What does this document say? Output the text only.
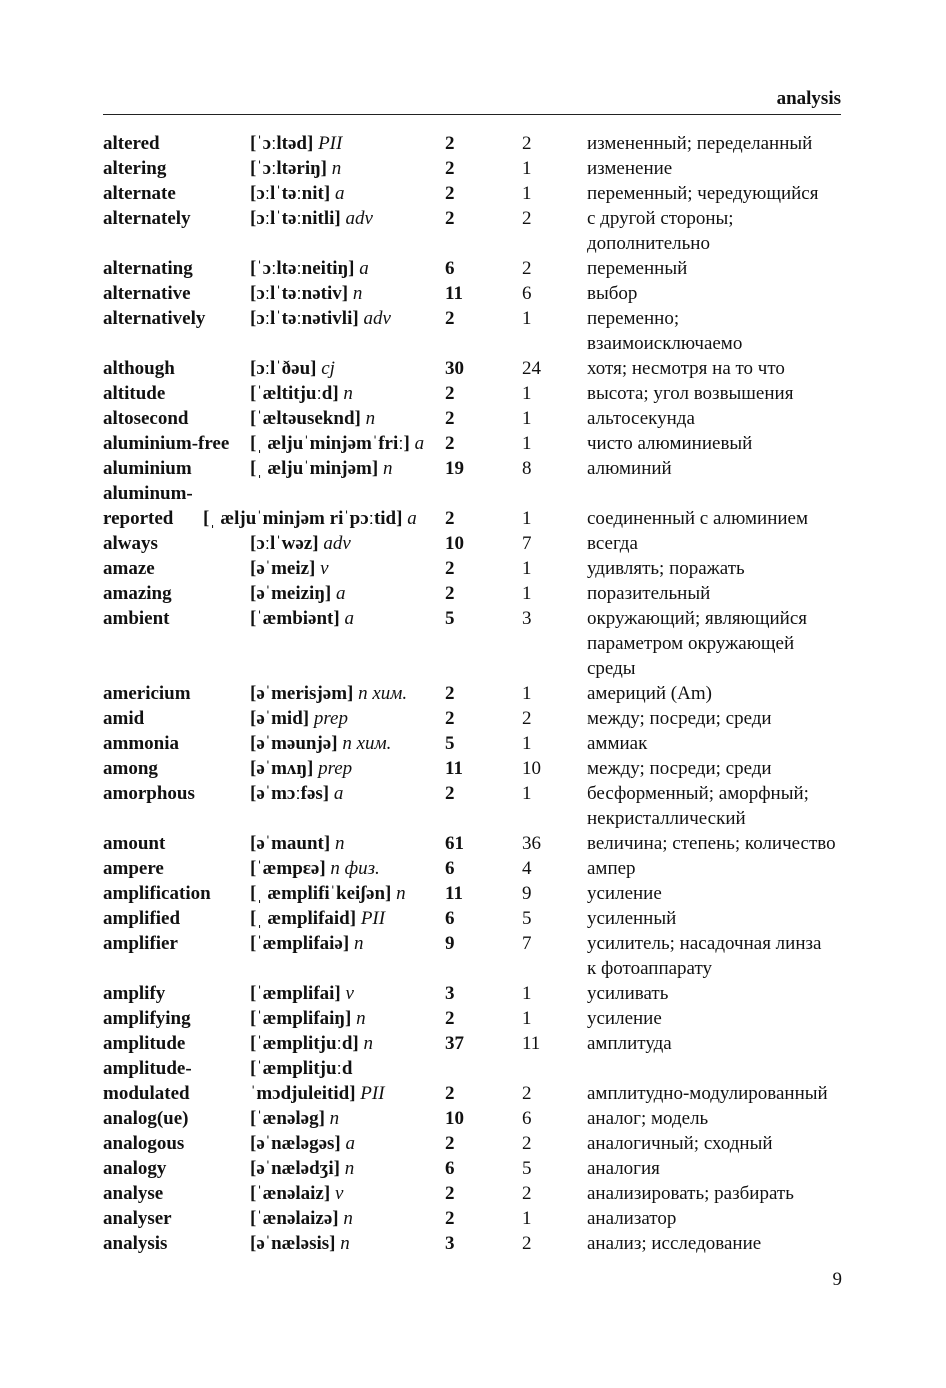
analysis
altered	[ˈɔːltəd] PII	2	2	измененный; переделанный
altering	[ˈɔːltəriŋ] n	2	1	изменение
alternate	[ɔːlˈtəːnit] a	2	1	переменный; чередующийся
alternately	[ɔːlˈtəːnitli] adv	2	2	с другой стороны;
дополнительно
alternating	[ˈɔːltəːneitiŋ] a	6	2	переменный
alternative	[ɔːlˈtəːnətiv] n	11	6	выбор
alternatively [ɔːlˈtəːnətivli] adv	2	1	переменно;
взаимоисключаемо
although	[ɔːlˈðəu] cj	30	24 хотя; несмотря на то что
altitude	[ˈæltitjuːd] n	2	1	высота; угол возвышения
altosecond	[ˈæltəuseknd] n	2	1	альтосекунда
aluminium-free [ˌ æljuˈminjəmˈfriː] a 2	1	чисто алюминиевый
aluminium	[ˌ æljuˈminjəm] n	19	8	алюминий
aluminum-
reported [ˌ æljuˈminjəm riˈpɔːtid] a 2	1	соединенный с алюминием
always	[ɔːlˈwəz] adv	10	7	всегда
amaze	[əˈmeiz] v	2	1	удивлять; поражать
amazing	[əˈmeiziŋ] a	2	1	поразительный
ambient	[ˈæmbiənt] a	5	3	окружающий; являющийся
параметром окружающей
среды
americium	[əˈmerisjəm] n хим. 2	1	америций (Am)
amid	[əˈmid] prep	2	2	между; посреди; среди
ammonia	[əˈməunjə] n хим.	5	1	аммиак
among	[əˈmʌŋ] prep	11	10 между; посреди; среди
amorphous	[əˈmɔːfəs] a	2	1	бесформенный; аморфный;
некристаллический
amount	[əˈmaunt] n	61	36 величина; степень; количество
ampere	[ˈæmpɛə] n физ.	6	4	ампер
amplification [ˌ æmplifiˈkeiʃən] n 11	9	усиление
amplified	[ˌ æmplifaid] PII	6	5	усиленный
amplifier	[ˈæmplifaiə] n	9	7	усилитель; насадочная линза
к фотоаппарату
amplify	[ˈæmplifai] v	3	1	усиливать
amplifying	[ˈæmplifaiŋ] n	2	1	усиление
amplitude	[ˈæmplitjuːd] n	37	11 амплитуда
amplitude-
modulated
[ˈæmplitjuːd
ˈmɔdjuleitid] PII	2	2	амплитудно-модулированный
analog(ue)	[ˈænələg] n	10	6	аналог; модель
analogous	[əˈnæləgəs] a	2	2	аналогичный; сходный
analogy	[əˈnælədʒi] n	6	5	аналогия
analyse	[ˈænəlaiz] v	2	2	анализировать; разбирать
analyser	[ˈænəlaizə] n	2	1	анализатор
analysis	[əˈnæləsis] n	3	2	анализ; исследование
9
